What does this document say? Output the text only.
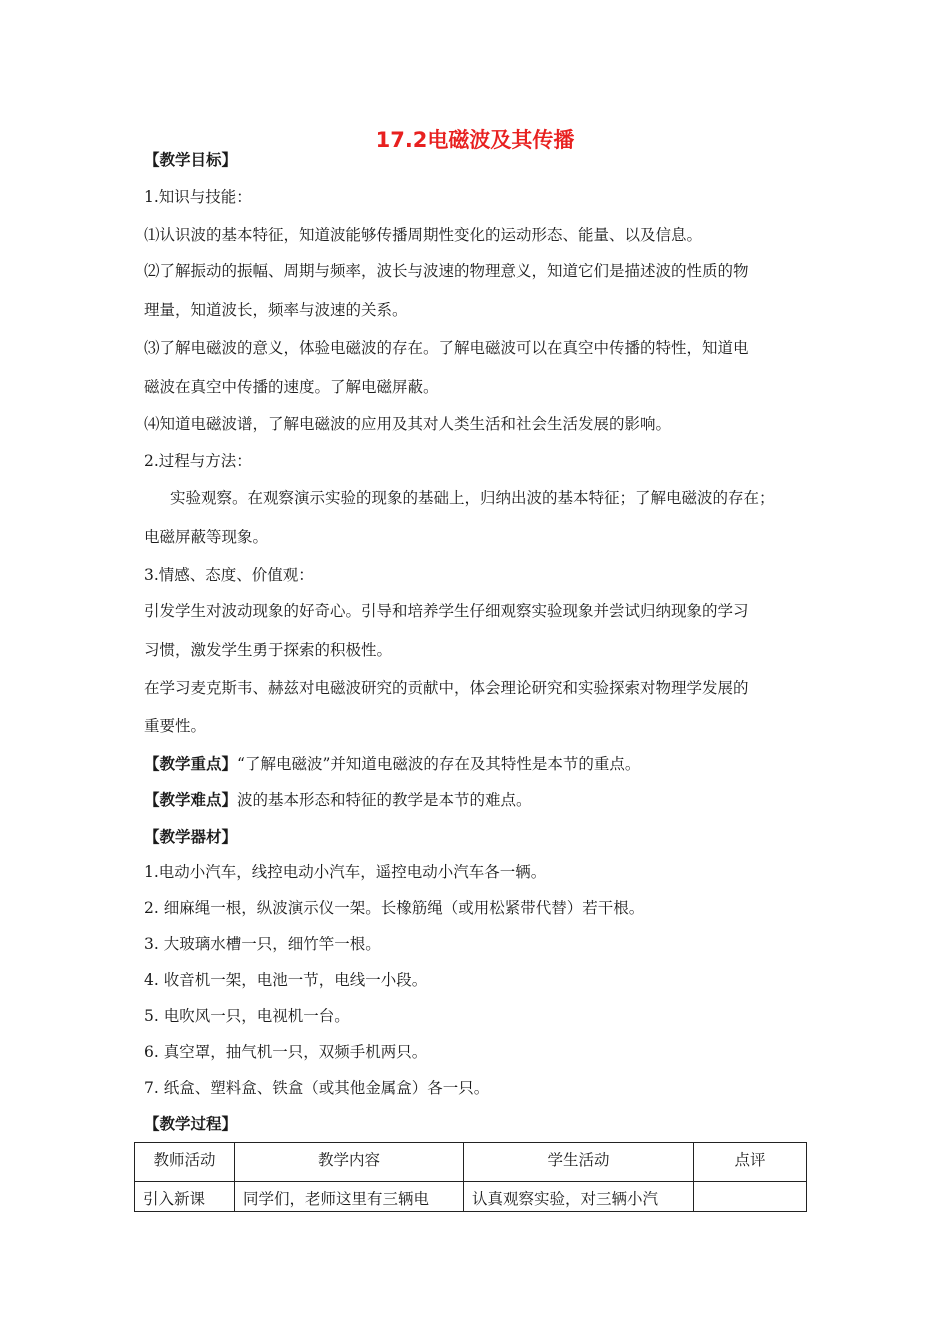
17.2电磁波及其传播
【教学目标】
1.知识与技能：
⑴认识波的基本特征，知道波能够传播周期性变化的运动形态、能量、以及信息。
⑵了解振动的振幅、周期与频率，波长与波速的物理意义，知道它们是描述波的性质的物
理量，知道波长，频率与波速的关系。
⑶了解电磁波的意义，体验电磁波的存在。了解电磁波可以在真空中传播的特性，知道电
磁波在真空中传播的速度。了解电磁屏蔽。
⑷知道电磁波谱，了解电磁波的应用及其对人类生活和社会生活发展的影响。
2.过程与方法：
实验观察。在观察演示实验的现象的基础上，归纳出波的基本特征；了解电磁波的存在；
电磁屏蔽等现象。
3.情感、态度、价值观：
引发学生对波动现象的好奇心。引导和培养学生仔细观察实验现象并尝试归纳现象的学习
习惯，激发学生勇于探索的积极性。
在学习麦克斯韦、赫兹对电磁波研究的贡献中，体会理论研究和实验探索对物理学发展的
重要性。
【教学重点】“了解电磁波”并知道电磁波的存在及其特性是本节的重点。
【教学难点】波的基本形态和特征的教学是本节的难点。
【教学器材】
1.电动小汽车，线控电动小汽车，遥控电动小汽车各一辆。
2. 细麻绳一根，纵波演示仪一架。长橡筋绳（或用松紧带代替）若干根。
3. 大玻璃水槽一只，细竹竿一根。
4. 收音机一架，电池一节，电线一小段。
5. 电吹风一只，电视机一台。
6. 真空罩，抽气机一只，双频手机两只。
7. 纸盒、塑料盒、铁盒（或其他金属盒）各一只。
【教学过程】
教师活动	教学内容	学生活动	点评
引入新课	同学们，老师这里有三辆电	认真观察实验，对三辆小汽	
